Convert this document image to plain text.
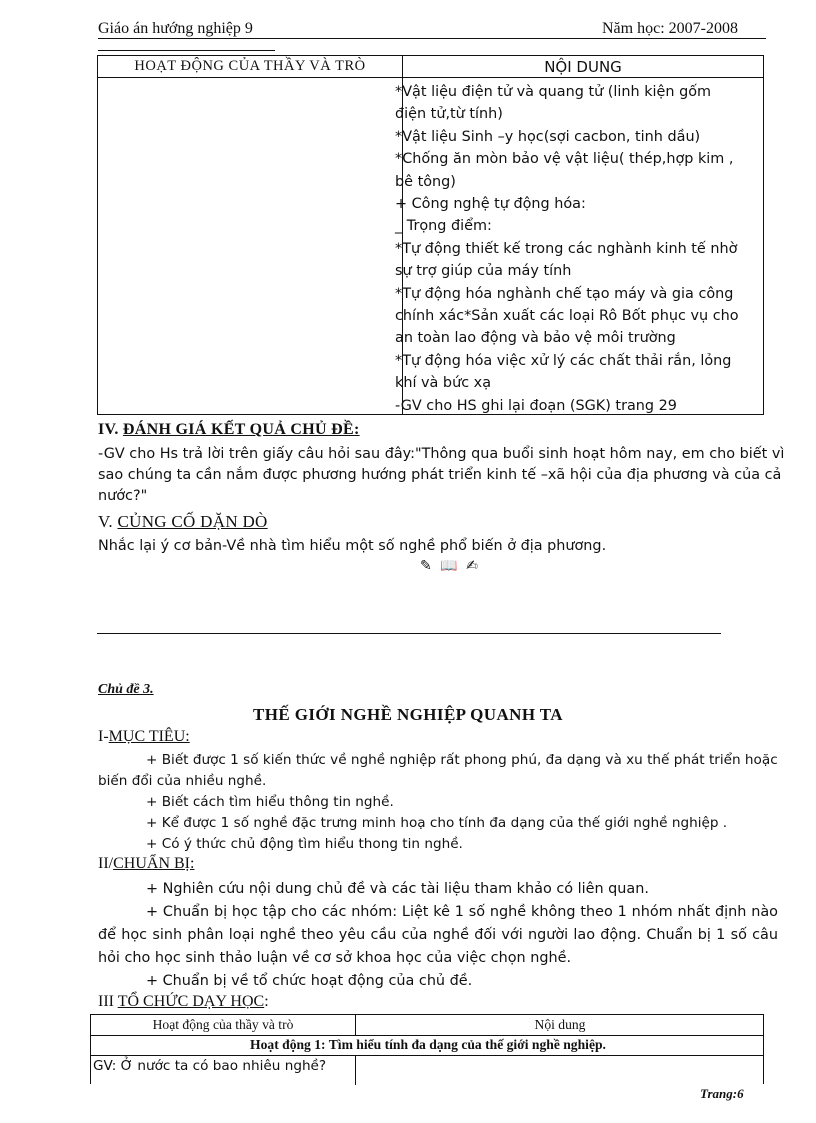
Giáo án hướng nghiệp 9	Năm học: 2007-2008
HOẠT ĐỘNG CỦA THẦY VÀ TRÒ	NỘI DUNG
*Vật liệu điện tử và quang tử (linh kiện gốm
điện tử,từ tính)
*Vật liệu Sinh –y học(sợi cacbon, tinh dầu)
*Chống ăn mòn bảo vệ vật liệu( thép,hợp kim ,
bê tông)
+ Công nghệ tự động hóa:
_ Trọng điểm:
*Tự động thiết kế trong các nghành kinh tế nhờ
sự trợ giúp của máy tính
*Tự động hóa nghành chế tạo máy và gia công
chính xác*Sản xuất các loại Rô Bốt phục vụ cho
an toàn lao động và bảo vệ môi trường
*Tự động hóa việc xử lý các chất thải rắn, lỏng
khí và bức xạ
-GV cho HS ghi lại đoạn (SGK) trang 29
IV. ĐÁNH GIÁ KẾT QUẢ CHỦ ĐỀ:
-GV cho Hs trả lời trên giấy câu hỏi sau đây:"Thông qua buổi sinh hoạt hôm nay, em cho biết vì sao chúng ta cần nắm được phương hướng phát triển kinh tế –xã hội của địa phương và của cả nước?"
V. CỦNG CỐ DẶN DÒ
Nhắc lại ý cơ bản-Về nhà tìm hiểu một số nghề phổ biến ở địa phương.
✎ 📖 ✍
Chủ đề 3.
THẾ GIỚI NGHỀ NGHIỆP QUANH TA
I-MỤC TIÊU:
+ Biết được 1 số kiến thức về nghề nghiệp rất phong phú, đa dạng và xu thế phát triển hoặc
biến đổi của nhiều nghề.
+ Biết cách tìm hiểu thông tin nghề.
+ Kể được 1 số nghề đặc trưng minh hoạ cho tính đa dạng của thế giới nghề nghiệp .
+ Có ý thức chủ động tìm hiểu thong tin nghề.
II/CHUẨN BỊ:
+ Nghiên cứu nội dung chủ đề và các tài liệu tham khảo có liên quan.
+ Chuẩn bị học tập cho các nhóm: Liệt kê 1 số nghề không theo 1 nhóm nhất định nào để học sinh phân loại nghề theo yêu cầu của nghề đối với người lao động. Chuẩn bị 1 số câu hỏi cho học sinh thảo luận về cơ sở khoa học của việc chọn nghề.
+ Chuẩn bị về tổ chức hoạt động của chủ đề.
III TỔ CHỨC DẠY HỌC:
Hoạt động của thầy và trò	Nội dung
Hoạt động 1: Tìm hiểu tính đa dạng của thế giới nghề nghiệp.
GV: Ở nước ta có bao nhiêu nghề?
Trang:6
